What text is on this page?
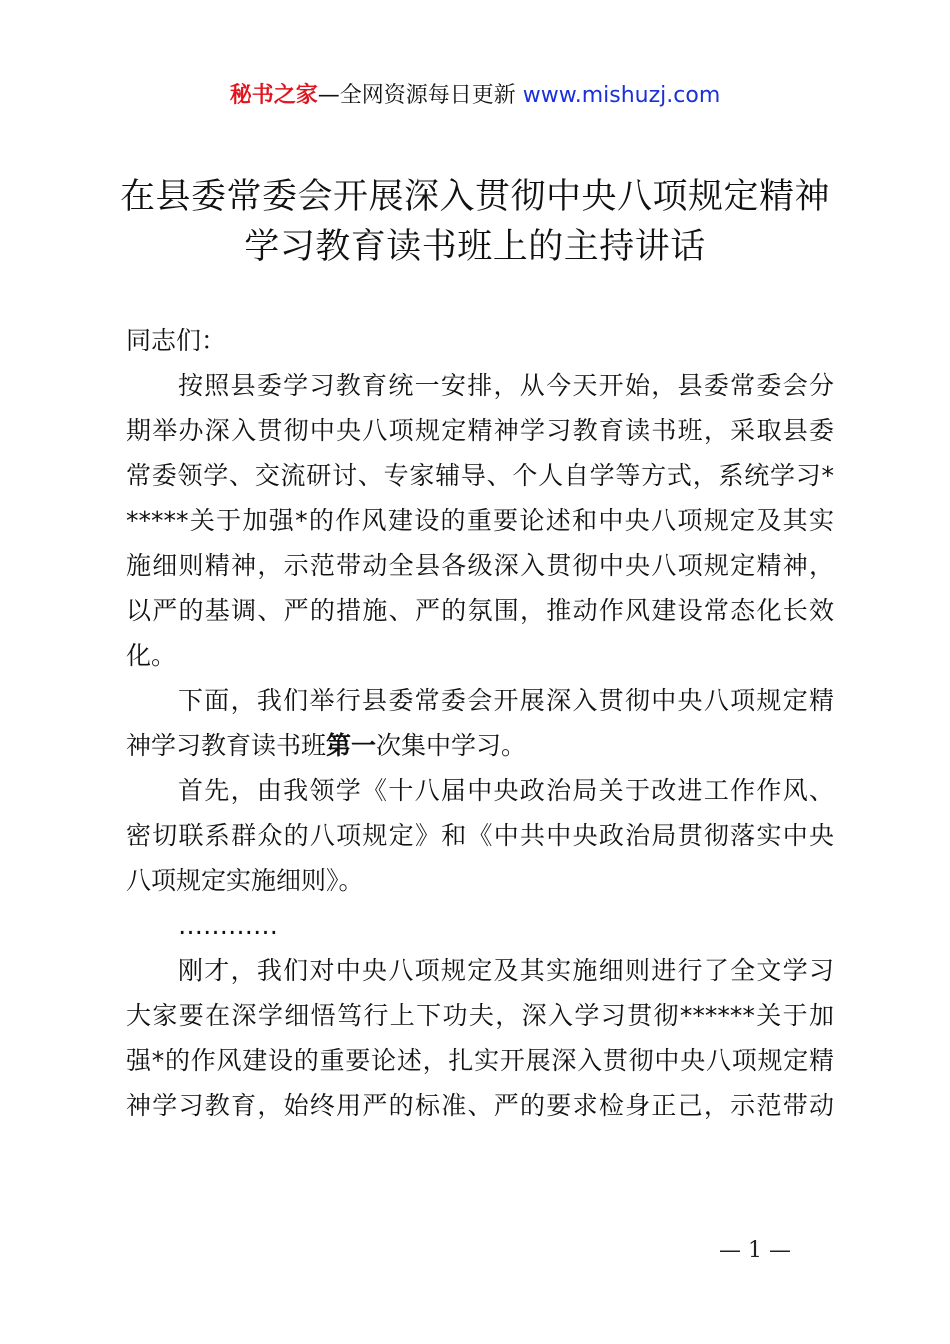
秘书之家—全网资源每日更新 www.mishuzj.com
在县委常委会开展深入贯彻中央八项规定精神
学习教育读书班上的主持讲话
同志们：
按照县委学习教育统一安排，从今天开始，县委常委会分
期举办深入贯彻中央八项规定精神学习教育读书班，采取县委
常委领学、交流研讨、专家辅导、个人自学等方式，系统学习*
*****关于加强*的作风建设的重要论述和中央八项规定及其实
施细则精神，示范带动全县各级深入贯彻中央八项规定精神，
以严的基调、严的措施、严的氛围，推动作风建设常态化长效
化。
下面，我们举行县委常委会开展深入贯彻中央八项规定精
神学习教育读书班第一次集中学习。
首先，由我领学《十八届中央政治局关于改进工作作风、
密切联系群众的八项规定》和《中共中央政治局贯彻落实中央
八项规定实施细则》。
…………
刚才，我们对中央八项规定及其实施细则进行了全文学习
大家要在深学细悟笃行上下功夫，深入学习贯彻******关于加
强*的作风建设的重要论述，扎实开展深入贯彻中央八项规定精
神学习教育，始终用严的标准、严的要求检身正己，示范带动
— 1 —
